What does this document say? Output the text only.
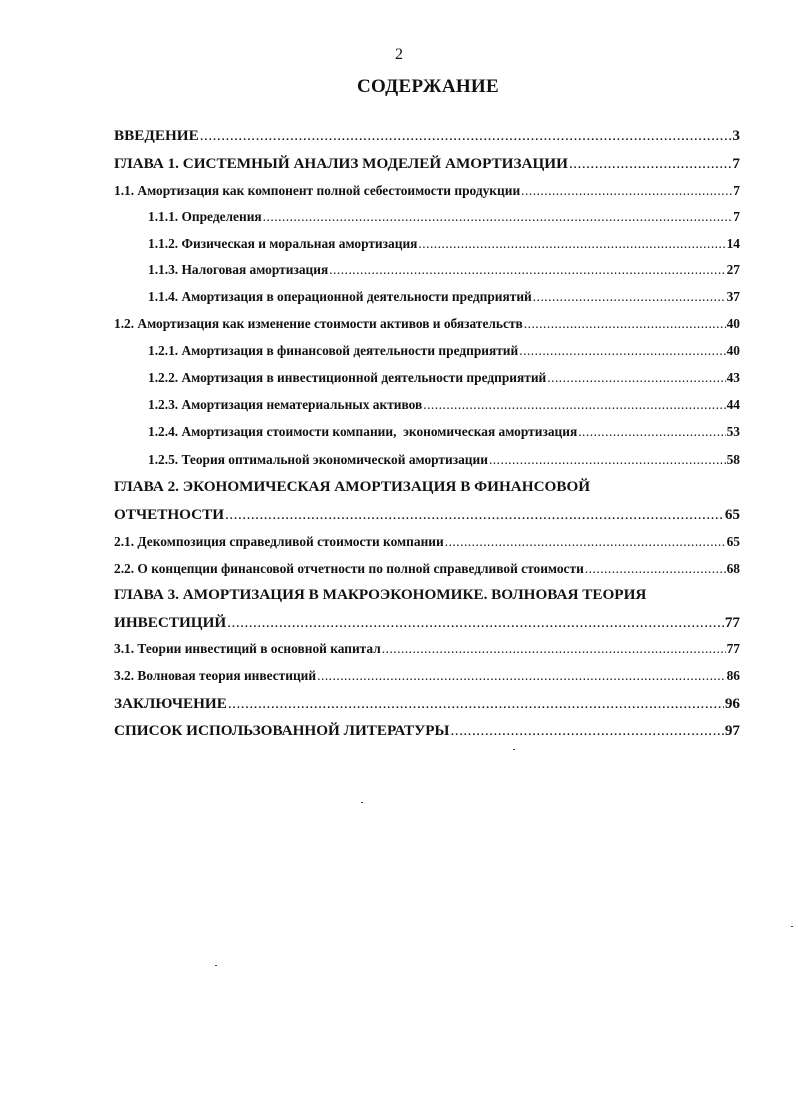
2
СОДЕРЖАНИЕ
ВВЕДЕНИЕ .....	3
ГЛАВА 1. СИСТЕМНЫЙ АНАЛИЗ МОДЕЛЕЙ АМОРТИЗАЦИИ .....	7
1.1. Амортизация как компонент полной себестоимости продукции .....	7
1.1.1. Определения .....	7
1.1.2. Физическая и моральная амортизация .....	14
1.1.3. Налоговая амортизация .....	27
1.1.4. Амортизация в операционной деятельности предприятий .....	37
1.2. Амортизация как изменение стоимости активов и обязательств .....	40
1.2.1. Амортизация в финансовой деятельности предприятий .....	40
1.2.2. Амортизация в инвестиционной деятельности предприятий .....	43
1.2.3. Амортизация нематериальных активов .....	44
1.2.4. Амортизация стоимости компании,  экономическая амортизация .....	53
1.2.5. Теория оптимальной экономической амортизации .....	58
ГЛАВА 2. ЭКОНОМИЧЕСКАЯ АМОРТИЗАЦИЯ В ФИНАНСОВОЙ
ОТЧЕТНОСТИ .....	65
2.1. Декомпозиция справедливой стоимости компании .....	65
2.2. О концепции финансовой отчетности по полной справедливой стоимости .....	68
ГЛАВА 3. АМОРТИЗАЦИЯ В МАКРОЭКОНОМИКЕ. ВОЛНОВАЯ ТЕОРИЯ
ИНВЕСТИЦИЙ .....	77
3.1. Теории инвестиций в основной капитал .....	77
3.2. Волновая теория инвестиций .....	86
ЗАКЛЮЧЕНИЕ .....	96
СПИСОК ИСПОЛЬЗОВАННОЙ ЛИТЕРАТУРЫ .....	97
